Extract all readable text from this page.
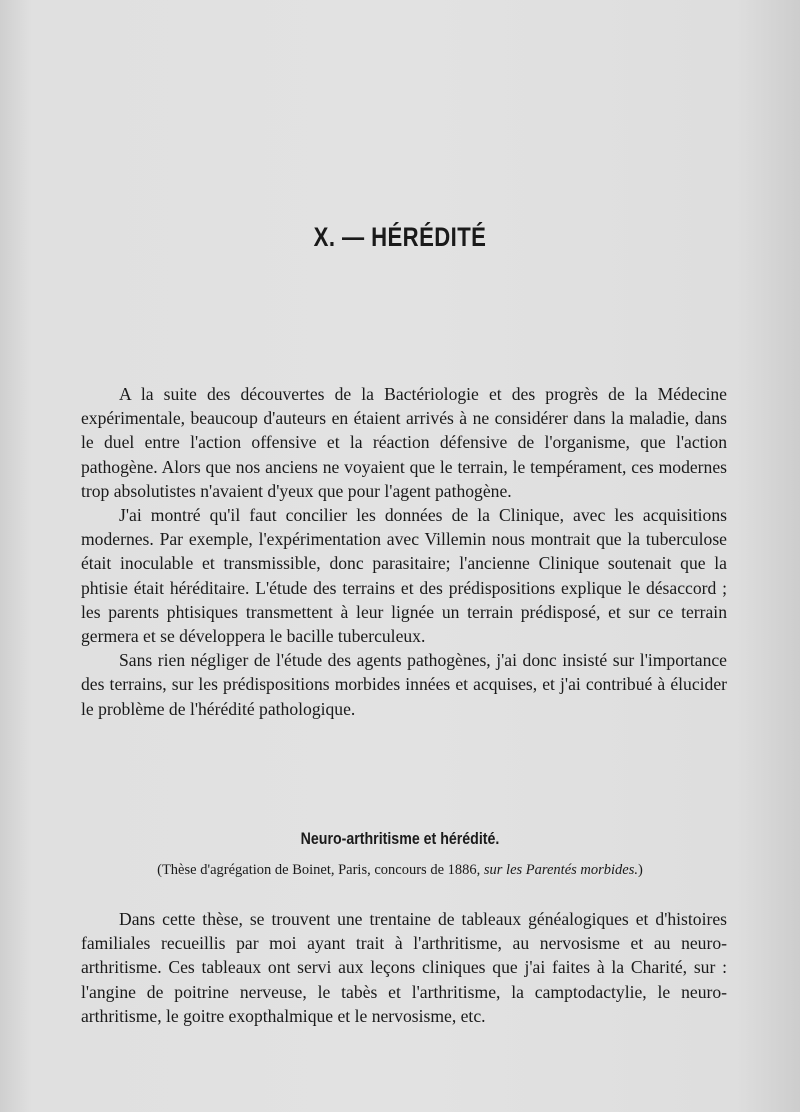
X. — HÉRÉDITÉ

A la suite des découvertes de la Bactériologie et des progrès de la Médecine expérimentale, beaucoup d'auteurs en étaient arrivés à ne considérer dans la maladie, dans le duel entre l'action offensive et la réaction défensive de l'organisme, que l'action pathogène. Alors que nos anciens ne voyaient que le terrain, le tempérament, ces modernes trop absolutistes n'avaient d'yeux que pour l'agent pathogène.

J'ai montré qu'il faut concilier les données de la Clinique, avec les acquisitions modernes. Par exemple, l'expérimentation avec Villemin nous montrait que la tuberculose était inoculable et transmissible, donc parasitaire; l'ancienne Clinique soutenait que la phtisie était héréditaire. L'étude des terrains et des prédispositions explique le désaccord ; les parents phtisiques transmettent à leur lignée un terrain prédisposé, et sur ce terrain germera et se développera le bacille tuberculeux.

Sans rien négliger de l'étude des agents pathogènes, j'ai donc insisté sur l'importance des terrains, sur les prédispositions morbides innées et acquises, et j'ai contribué à élucider le problème de l'hérédité pathologique.

Neuro-arthritisme et hérédité.
(Thèse d'agrégation de Boinet, Paris, concours de 1886, sur les Parentés morbides.)

Dans cette thèse, se trouvent une trentaine de tableaux généalogiques et d'histoires familiales recueillis par moi ayant trait à l'arthritisme, au nervosisme et au neuro-arthritisme. Ces tableaux ont servi aux leçons cliniques que j'ai faites à la Charité, sur : l'angine de poitrine nerveuse, le tabès et l'arthritisme, la camptodactylie, le neuro-arthritisme, le goitre exopthalmique et le nervosisme, etc.
